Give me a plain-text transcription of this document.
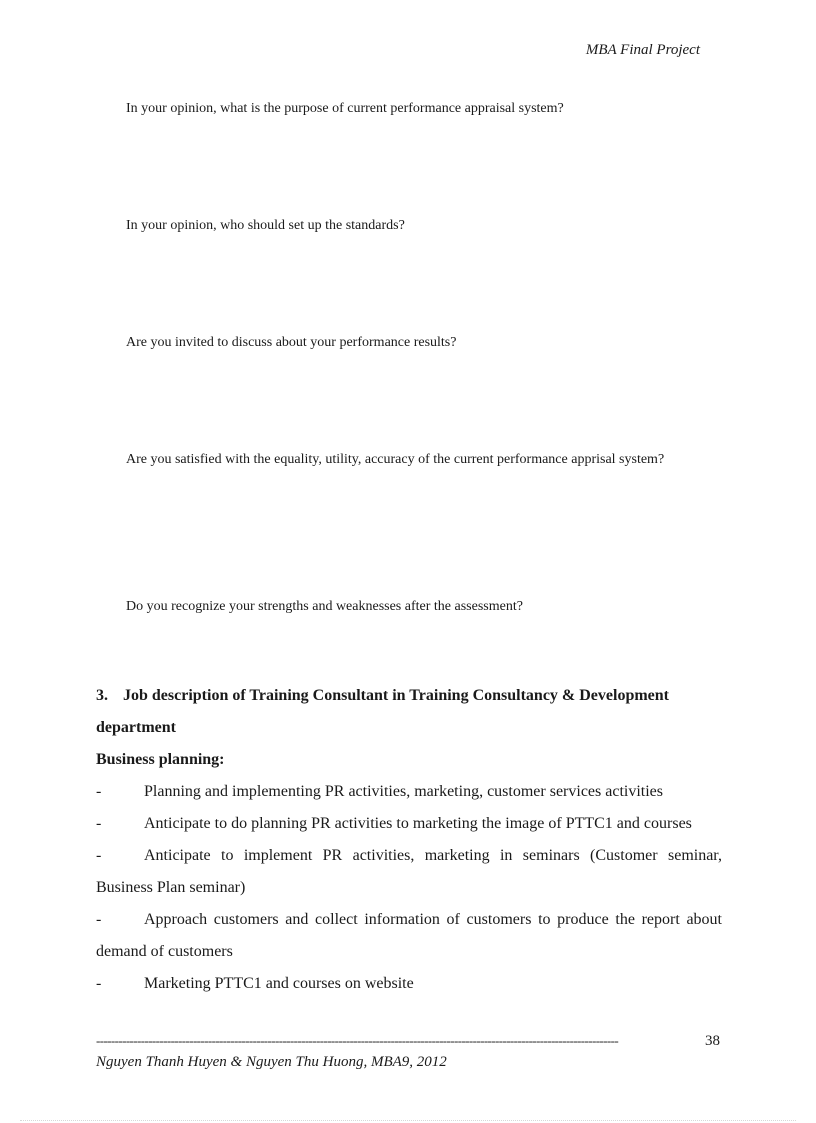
MBA Final Project
In your opinion, what is the purpose of current performance appraisal system?
In your opinion, who should set up the standards?
Are you invited to discuss about your performance results?
Are you satisfied with the equality, utility, accuracy of the current performance apprisal system?
Do you recognize your strengths and weaknesses after the assessment?

3. Job description of Training Consultant in Training Consultancy & Development department

Business planning:

-	Planning and implementing PR activities, marketing, customer services activities

-	Anticipate to do planning PR activities to marketing the image of PTTC1 and courses

-	Anticipate to implement PR activities, marketing in seminars (Customer seminar, Business Plan seminar)

-	Approach customers and collect information of customers to produce the report about demand of customers

-	Marketing PTTC1 and courses on website

--------------------------------------------------------------------------------------------------------------------------------------------	38
Nguyen Thanh Huyen & Nguyen Thu Huong, MBA9, 2012
